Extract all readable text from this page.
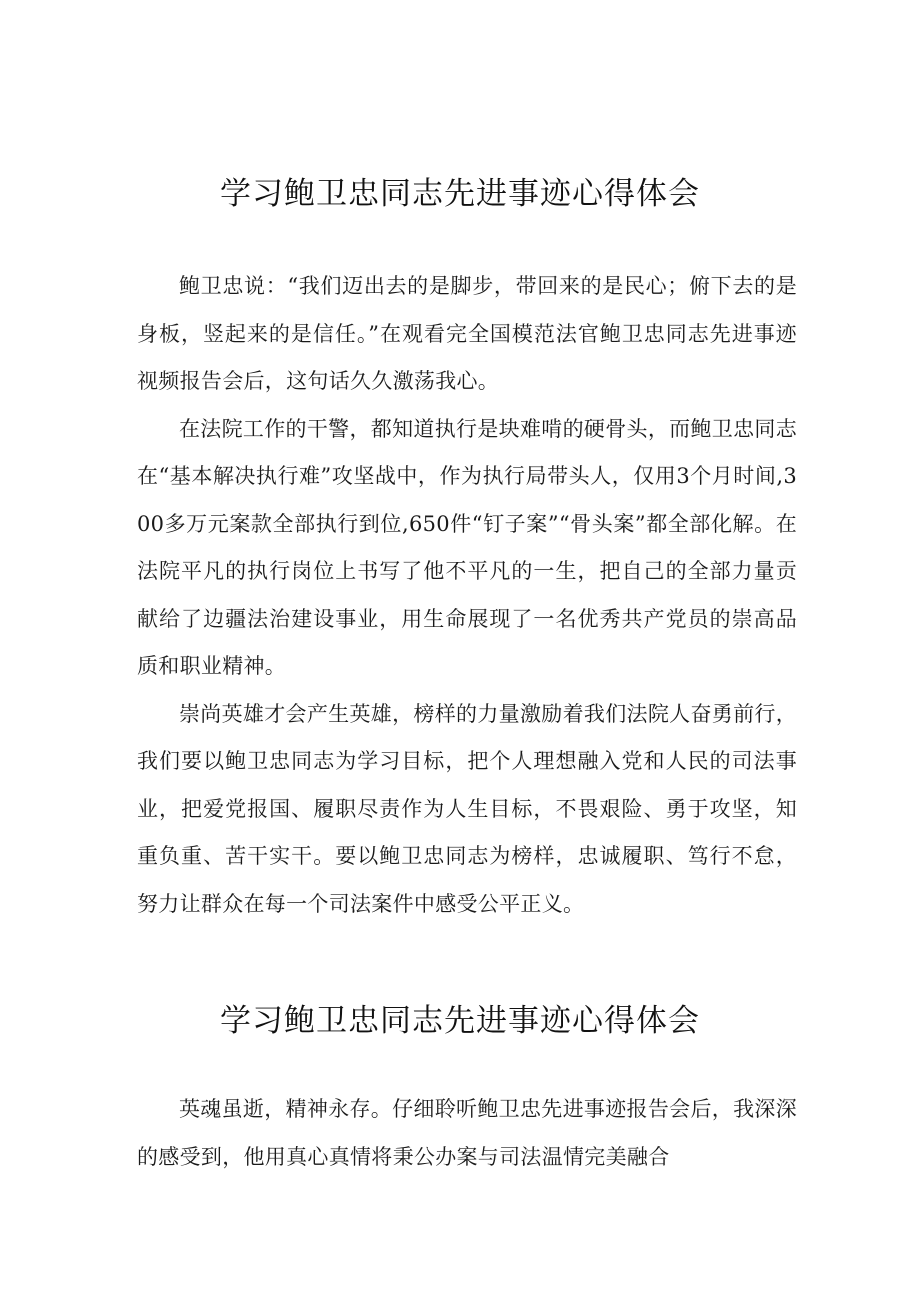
学习鲍卫忠同志先进事迹心得体会

鲍卫忠说：“我们迈出去的是脚步，带回来的是民心；俯下去的是身板，竖起来的是信任。”在观看完全国模范法官鲍卫忠同志先进事迹视频报告会后，这句话久久激荡我心。

在法院工作的干警，都知道执行是块难啃的硬骨头，而鲍卫忠同志在“基本解决执行难”攻坚战中，作为执行局带头人，仅用3个月时间,300多万元案款全部执行到位,650件“钉子案”“骨头案”都全部化解。在法院平凡的执行岗位上书写了他不平凡的一生，把自己的全部力量贡献给了边疆法治建设事业，用生命展现了一名优秀共产党员的崇高品质和职业精神。

崇尚英雄才会产生英雄，榜样的力量激励着我们法院人奋勇前行，我们要以鲍卫忠同志为学习目标，把个人理想融入党和人民的司法事业，把爱党报国、履职尽责作为人生目标，不畏艰险、勇于攻坚，知重负重、苦干实干。要以鲍卫忠同志为榜样，忠诚履职、笃行不怠，努力让群众在每一个司法案件中感受公平正义。

学习鲍卫忠同志先进事迹心得体会

英魂虽逝，精神永存。仔细聆听鲍卫忠先进事迹报告会后，我深深的感受到，他用真心真情将秉公办案与司法温情完美融合
